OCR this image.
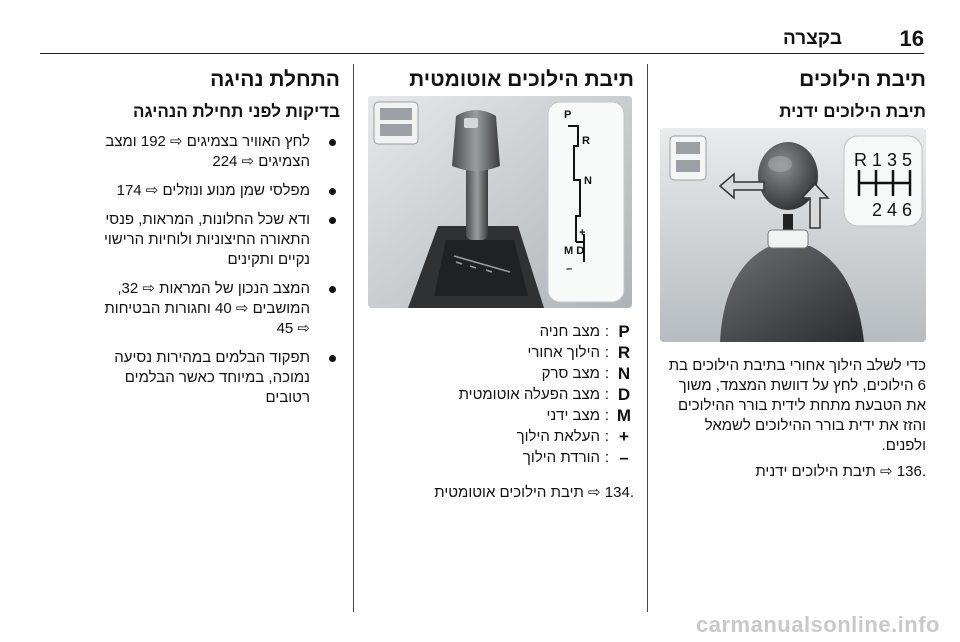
16
בקצרה
תיבת הילוכים
תיבת הילוכים ידנית
R 1 3 5
2 4 6
כדי לשלב הילוך אחורי בתיבת הילוכים בת
6 הילוכים, לחץ על דוושת המצמד, משוך
את הטבעת מתחת לידית בורר ההילוכים
והזז את ידית בורר ההילוכים לשמאל
ולפנים.
.136 ⇨ תיבת הילוכים ידנית
תיבת הילוכים אוטומטית
P
R
N
+
M D
–
P	:	מצב חניה
R	:	הילוך אחורי
N	:	מצב סרק
D	:	מצב הפעלה אוטומטית
M	:	מצב ידני
+	:	העלאת הילוך
–	:	הורדת הילוך
.134 ⇨ תיבת הילוכים אוטומטית
התחלת נהיגה
בדיקות לפני תחילת הנהיגה
לחץ האוויר בצמיגים ⇨ 192 ומצב
הצמיגים ⇨ 224
מפלסי שמן מנוע ונוזלים ⇨ 174
ודא שכל החלונות, המראות, פנסי
התאורה החיצוניות ולוחיות הרישוי
נקיים ותקינים
המצב הנכון של המראות ⇨ 32,
המושבים ⇨ 40 וחגורות הבטיחות
⇨ 45
תפקוד הבלמים במהירות נסיעה
נמוכה, במיוחד כאשר הבלמים
רטובים
carmanualsonline.info
